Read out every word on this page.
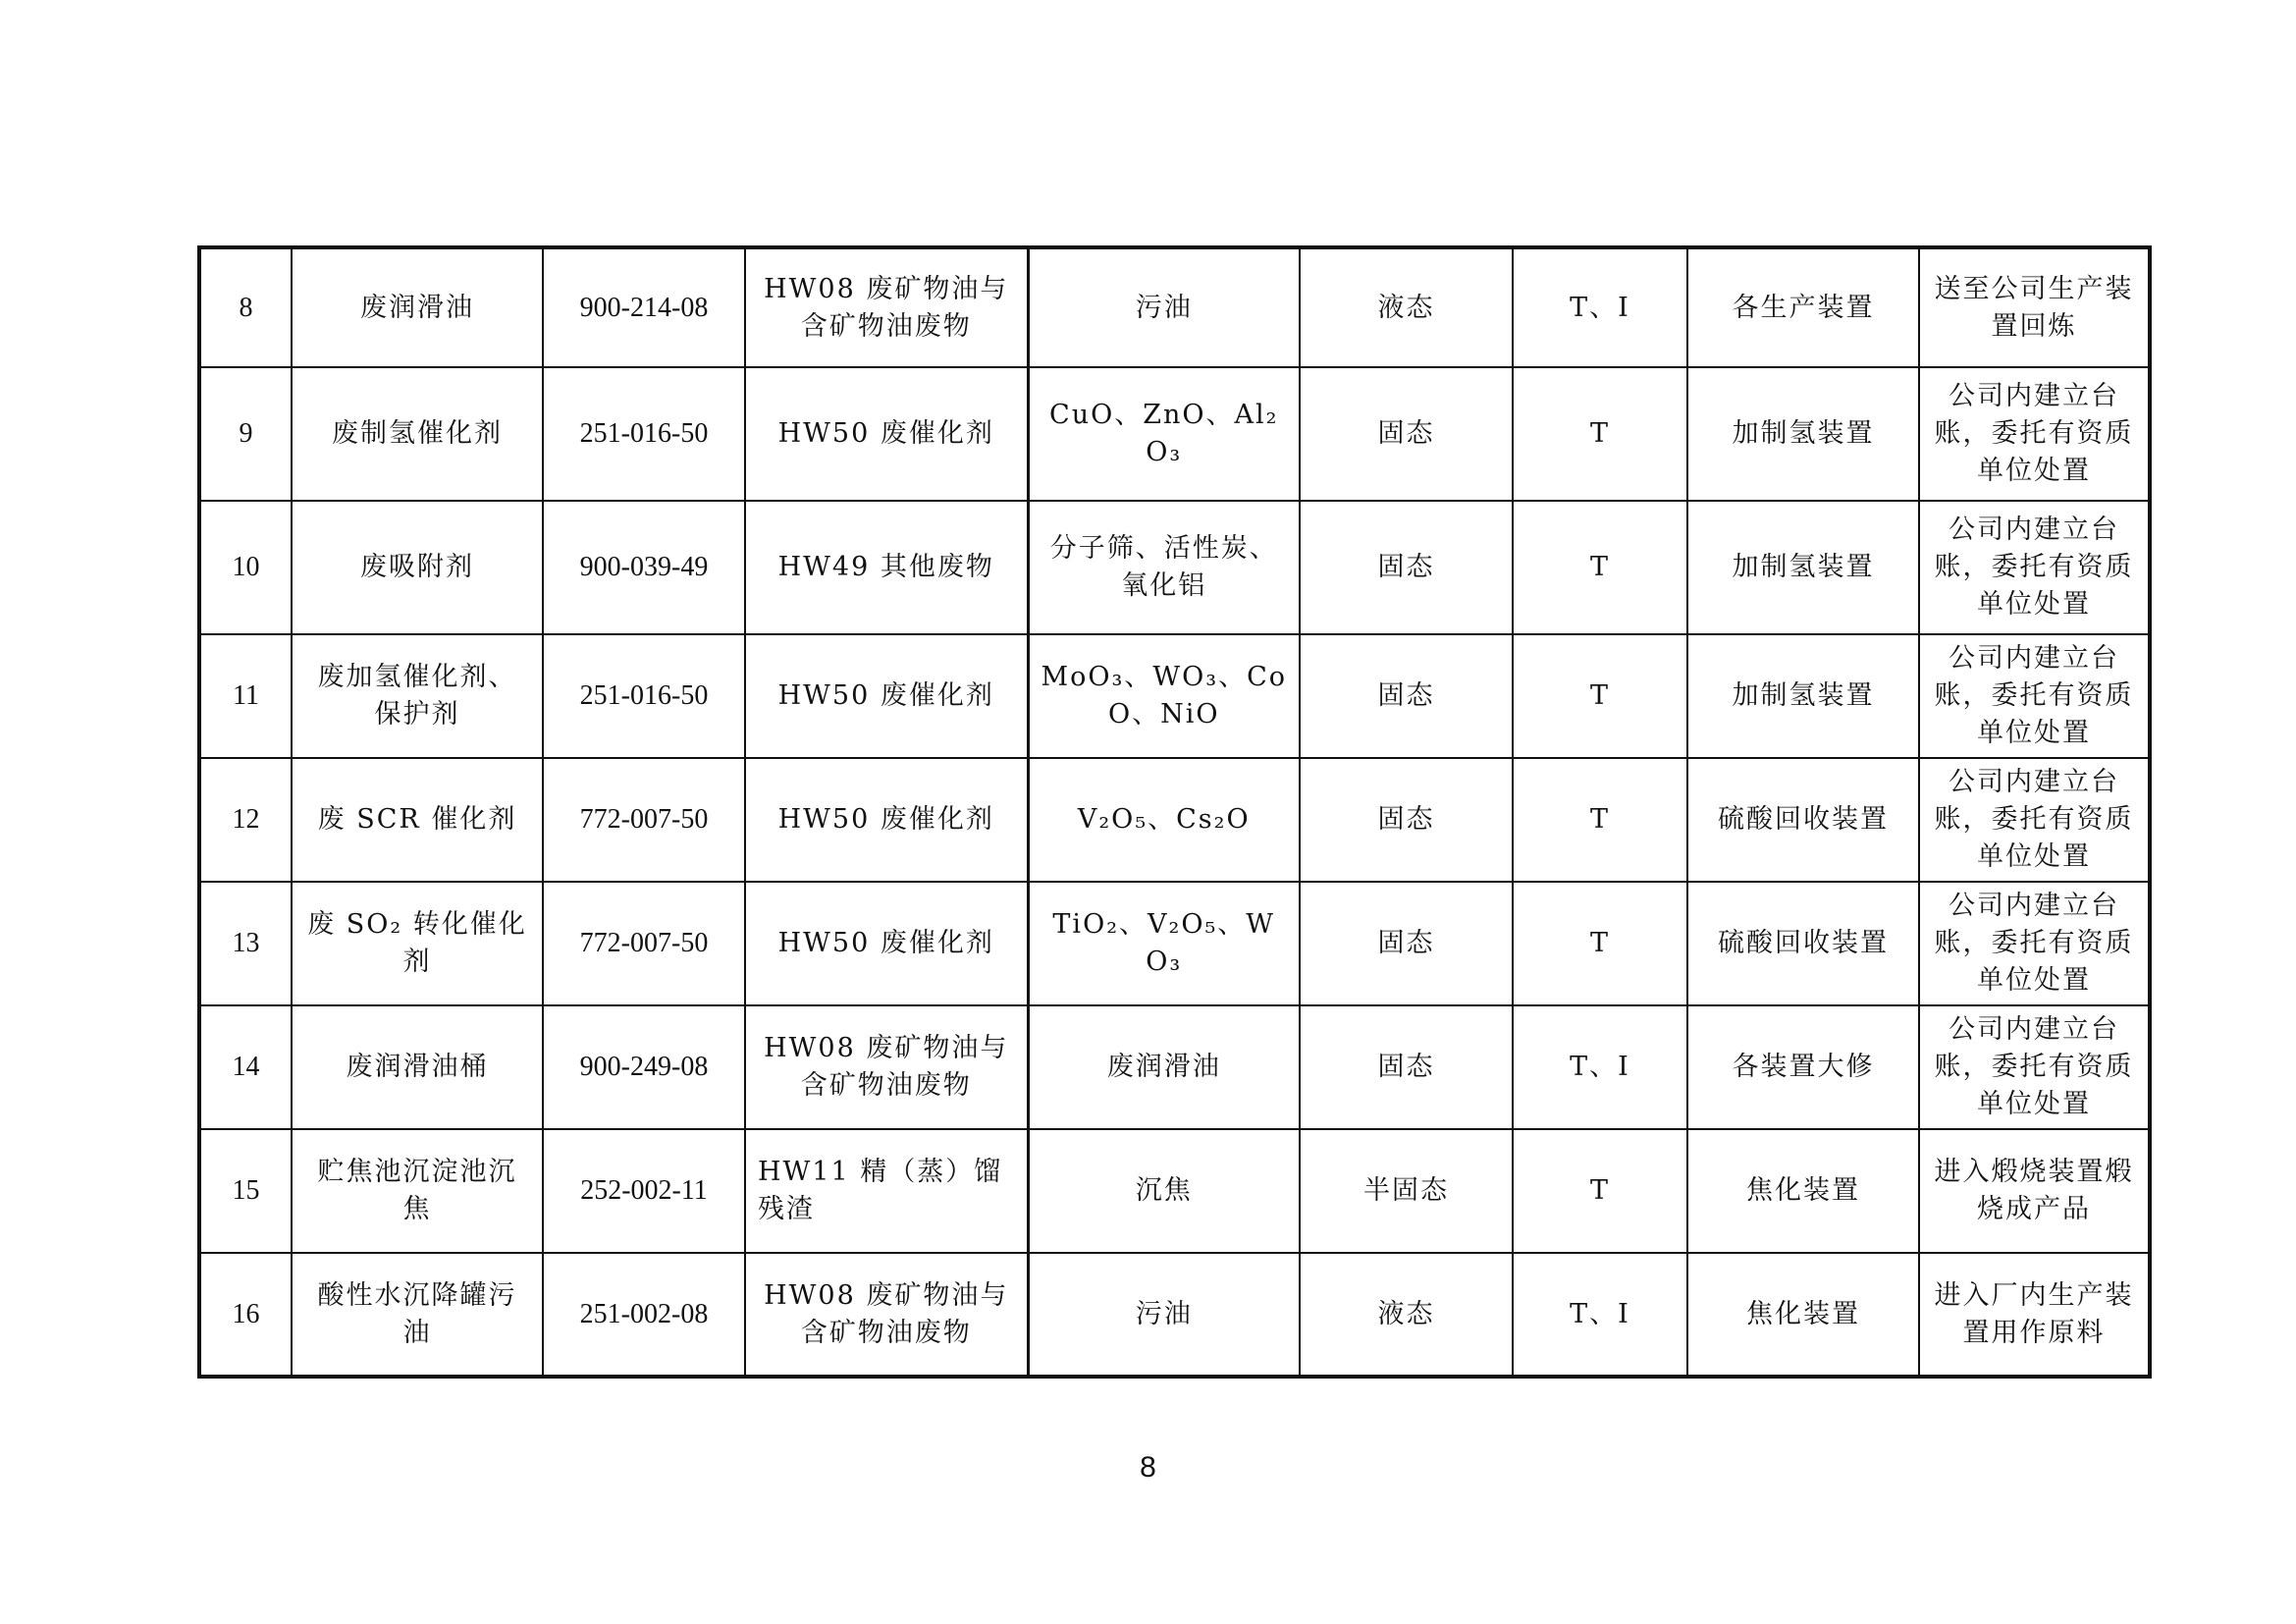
8	废润滑油	900-214-08	HW08 废矿物油与含矿物油废物	污油	液态	T、I	各生产装置	送至公司生产装置回炼
9	废制氢催化剂	251-016-50	HW50 废催化剂	CuO、ZnO、Al₂O₃	固态	T	加制氢装置	公司内建立台账，委托有资质单位处置
10	废吸附剂	900-039-49	HW49 其他废物	分子筛、活性炭、氧化铝	固态	T	加制氢装置	公司内建立台账，委托有资质单位处置
11	废加氢催化剂、保护剂	251-016-50	HW50 废催化剂	MoO₃、WO₃、CoO、NiO	固态	T	加制氢装置	公司内建立台账，委托有资质单位处置
12	废 SCR 催化剂	772-007-50	HW50 废催化剂	V₂O₅、Cs₂O	固态	T	硫酸回收装置	公司内建立台账，委托有资质单位处置
13	废 SO₂ 转化催化剂	772-007-50	HW50 废催化剂	TiO₂、V₂O₅、WO₃	固态	T	硫酸回收装置	公司内建立台账，委托有资质单位处置
14	废润滑油桶	900-249-08	HW08 废矿物油与含矿物油废物	废润滑油	固态	T、I	各装置大修	公司内建立台账，委托有资质单位处置
15	贮焦池沉淀池沉焦	252-002-11	HW11 精（蒸）馏残渣	沉焦	半固态	T	焦化装置	进入煅烧装置煅烧成产品
16	酸性水沉降罐污油	251-002-08	HW08 废矿物油与含矿物油废物	污油	液态	T、I	焦化装置	进入厂内生产装置用作原料
8
